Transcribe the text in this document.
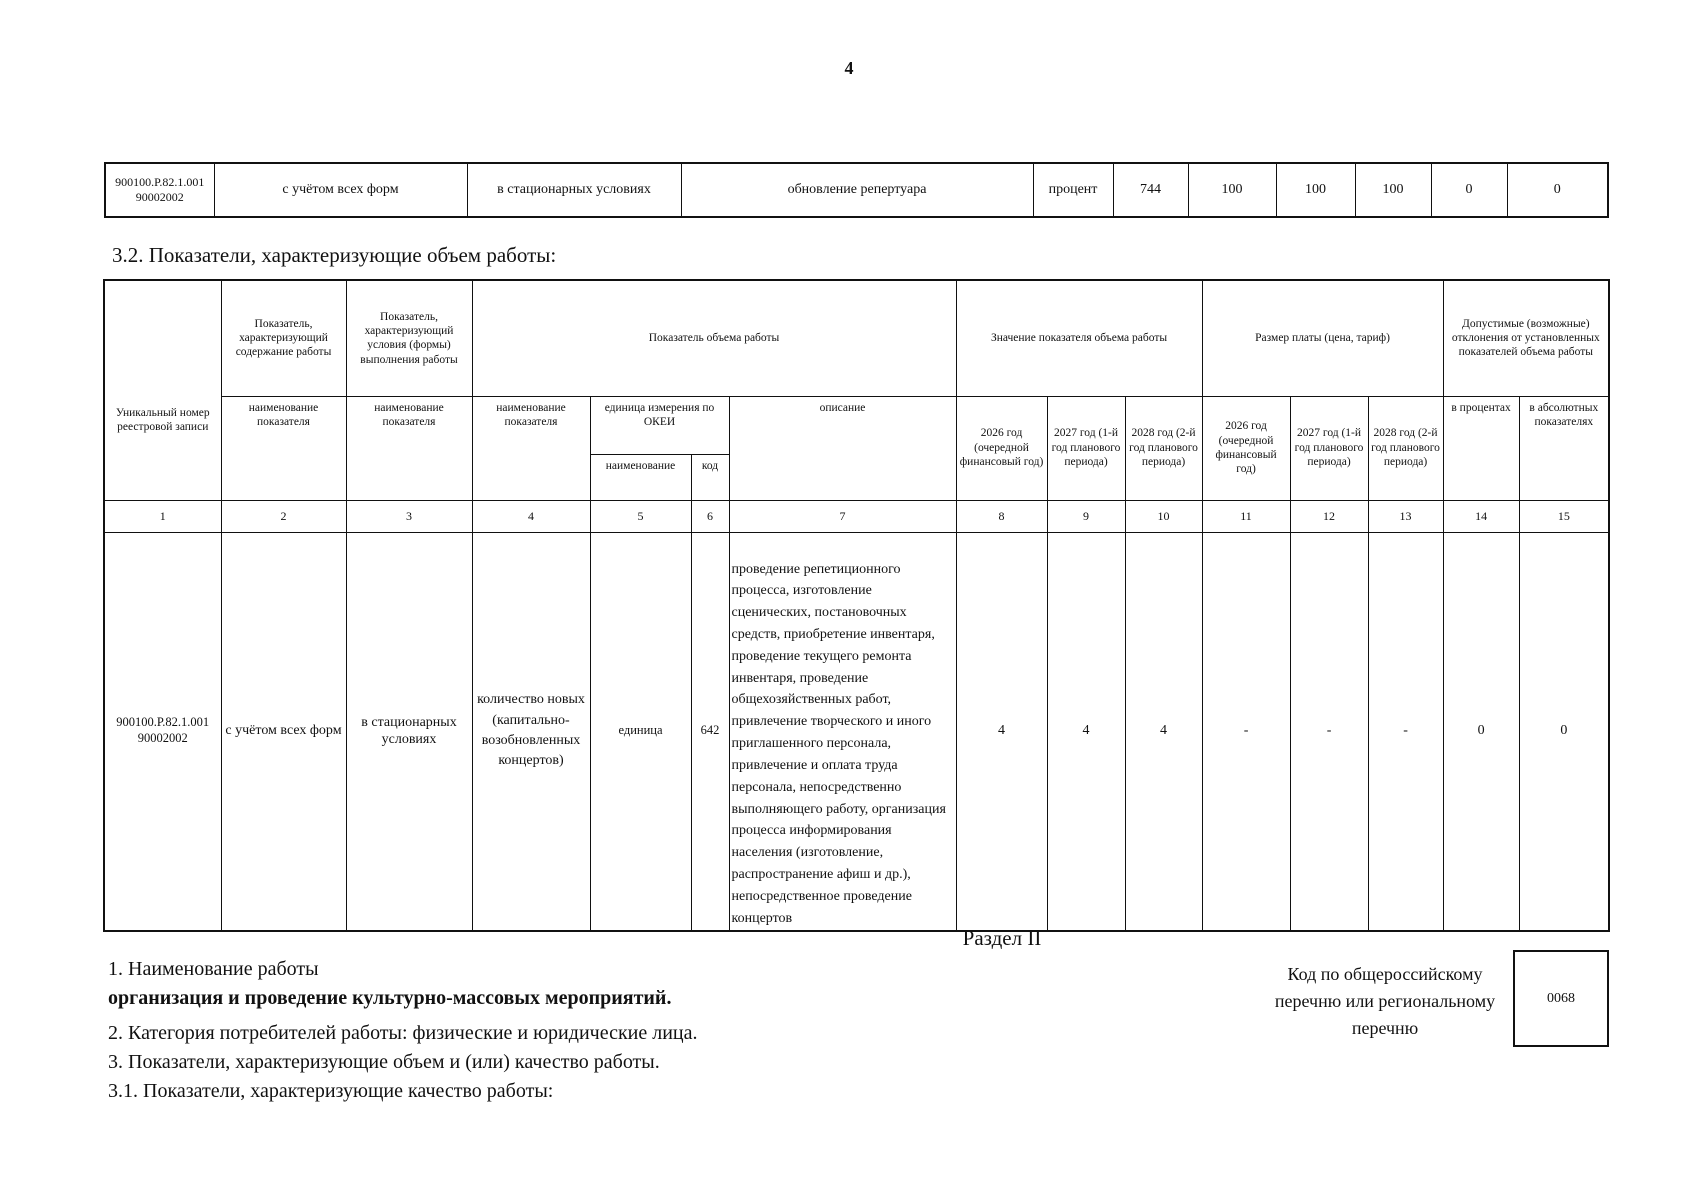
4
900100.Р.82.1.001 90002002	с учётом всех форм	в стационарных условиях	обновление репертуара	процент	744	100	100	100	0	0
3.2. Показатели, характеризующие объем работы:
Уникальный номер реестровой записи	Показатель, характеризующий содержание работы	Показатель, характеризующий условия (формы) выполнения работы	Показатель объема работы				Значение показателя объема работы			Размер платы (цена, тариф)			Допустимые (возможные) отклонения от установленных показателей объема работы	
	наименование показателя	наименование показателя	наименование показателя	единица измерения по ОКЕИ		описание	2026 год (очередной финансовый год)	2027 год (1-й год планового периода)	2028 год (2-й год планового периода)	2026 год (очередной финансовый год)	2027 год (1-й год планового периода)	2028 год (2-й год планового периода)	в процентах	в абсолютных показателях
				наименование	код									
1	2	3	4	5	6	7	8	9	10	11	12	13	14	15
900100.Р.82.1.001 90002002	с учётом всех форм	в стационарных условиях	количество новых (капитально-возобновленных концертов)	единица	642	проведение репетиционного процесса, изготовление сценических, постановочных средств, приобретение инвентаря, проведение текущего ремонта инвентаря, проведение общехозяйственных работ, привлечение творческого и иного приглашенного персонала, привлечение и оплата труда персонала, непосредственно выполняющего работу, организация процесса информирования населения (изготовление, распространение афиш и др.), непосредственное проведение концертов	4	4	4	-	-	-	0	0
Раздел II
1. Наименование работы
организация и проведение культурно-массовых мероприятий.
2. Категория потребителей работы: физические и юридические лица.
3. Показатели, характеризующие объем и (или) качество работы.
3.1. Показатели, характеризующие качество работы:
Код по общероссийскому перечню или региональному перечню
0068
